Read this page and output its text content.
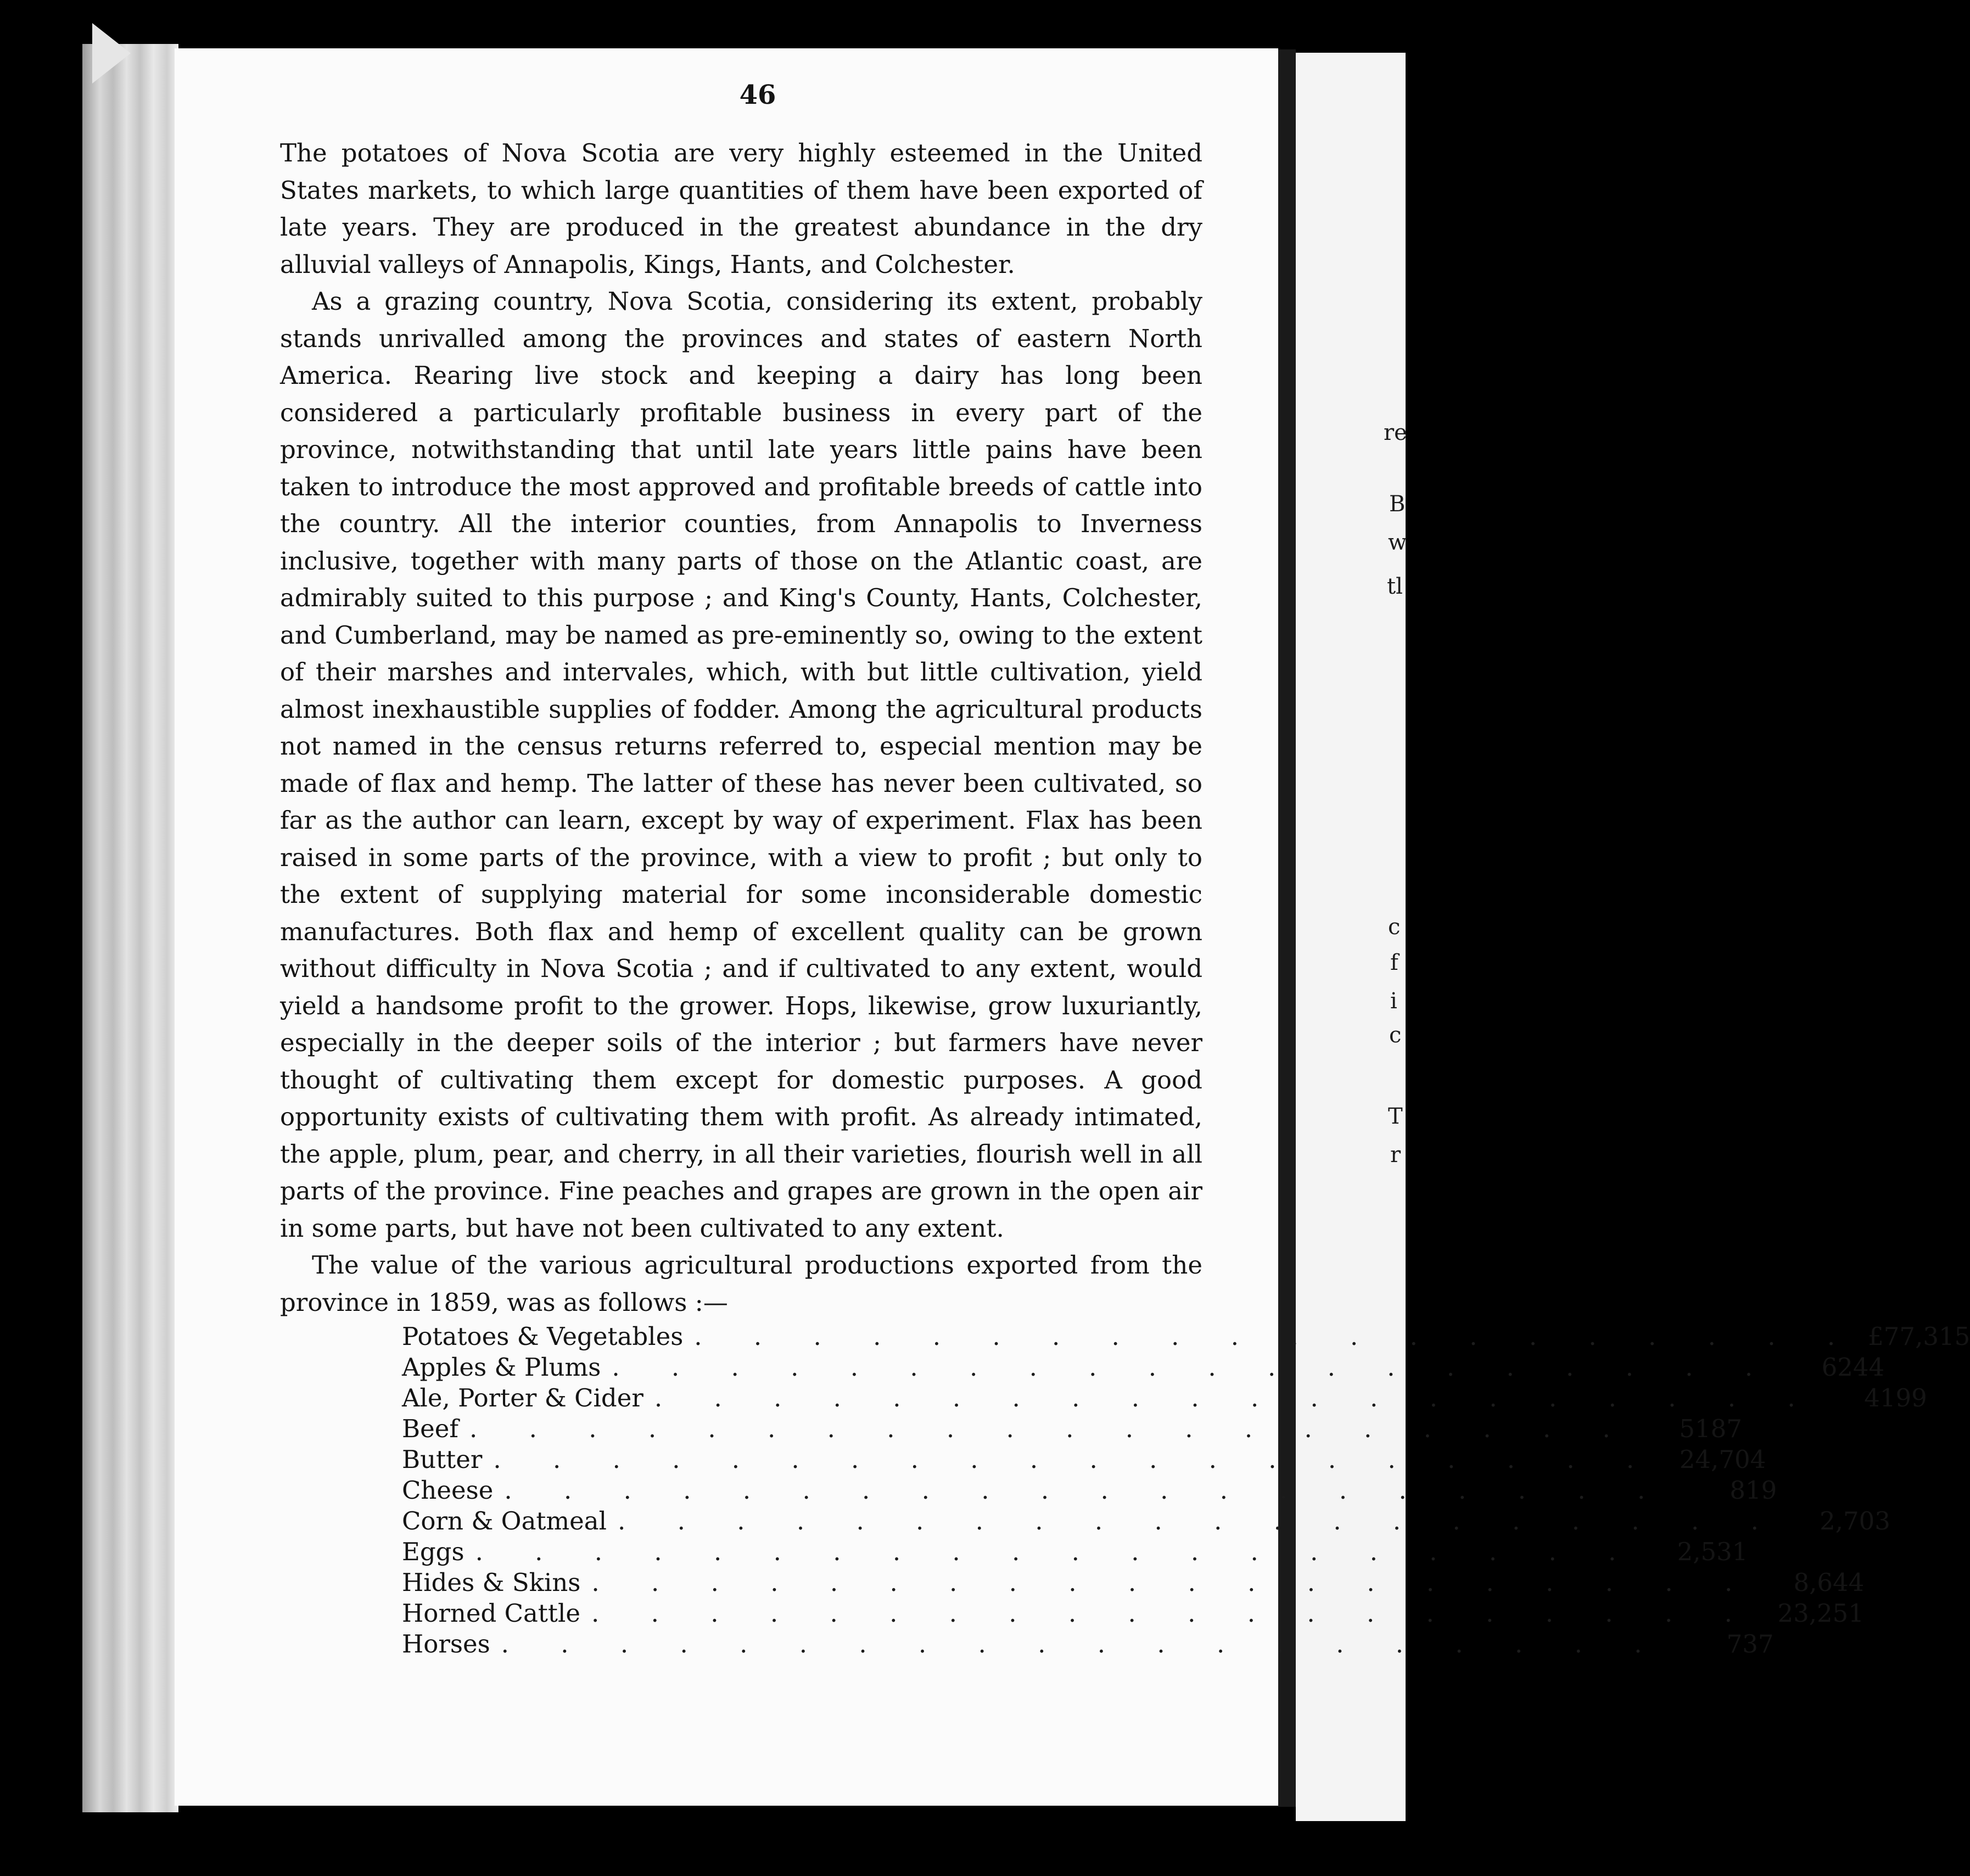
re
B
w
tl
c
f
i
c
T
r
46

The potatoes of Nova Scotia are very highly esteemed in the United States markets, to which large quantities of them have been exported of late years. They are produced in the greatest abundance in the dry alluvial valleys of Annapolis, Kings, Hants, and Colchester.

As a grazing country, Nova Scotia, considering its extent, probably stands unrivalled among the provinces and states of eastern North America. Rearing live stock and keeping a dairy has long been considered a particularly profitable business in every part of the province, notwithstanding that until late years little pains have been taken to introduce the most approved and profitable breeds of cattle into the country. All the interior counties, from Annapolis to Inverness inclusive, together with many parts of those on the Atlantic coast, are admirably suited to this purpose ; and King's County, Hants, Colchester, and Cumberland, may be named as pre-eminently so, owing to the extent of their marshes and intervales, which, with but little cultivation, yield almost inexhaustible supplies of fodder. Among the agricultural products not named in the census returns referred to, especial mention may be made of flax and hemp. The latter of these has never been cultivated, so far as the author can learn, except by way of experiment. Flax has been raised in some parts of the province, with a view to profit ; but only to the extent of supplying material for some inconsiderable domestic manufactures. Both flax and hemp of excellent quality can be grown without difficulty in Nova Scotia ; and if cultivated to any extent, would yield a handsome profit to the grower. Hops, likewise, grow luxuriantly, especially in the deeper soils of the interior ; but farmers have never thought of cultivating them except for domestic purposes. A good opportunity exists of cultivating them with profit. As already intimated, the apple, plum, pear, and cherry, in all their varieties, flourish well in all parts of the province. Fine peaches and grapes are grown in the open air in some parts, but have not been cultivated to any extent.

The value of the various agricultural productions exported from the province in 1859, was as follows :—

Potatoes & Vegetables . . . . . . . . . . . . . . . . . . . . £77,315
Apples & Plums . . . . . . . . . . . . . . . . . . . .	6244
Ale, Porter & Cider . . . . . . . . . . . . . . . . . . . .	4199
Beef . . . . . . . . . . . . . . . . . . . .	5187
Butter . . . . . . . . . . . . . . . . . . . . 24,704
Cheese . . . . . . . . . . . . . . . . . . . .	819
Corn & Oatmeal . . . . . . . . . . . . . . . . . . . .	2,703
Eggs . . . . . . . . . . . . . . . . . . . .	2,531
Hides & Skins . . . . . . . . . . . . . . . . . . . .	8,644
Horned Cattle . . . . . . . . . . . . . . . . . . . . 23,251
Horses . . . . . . . . . . . . . . . . . . . .	737
